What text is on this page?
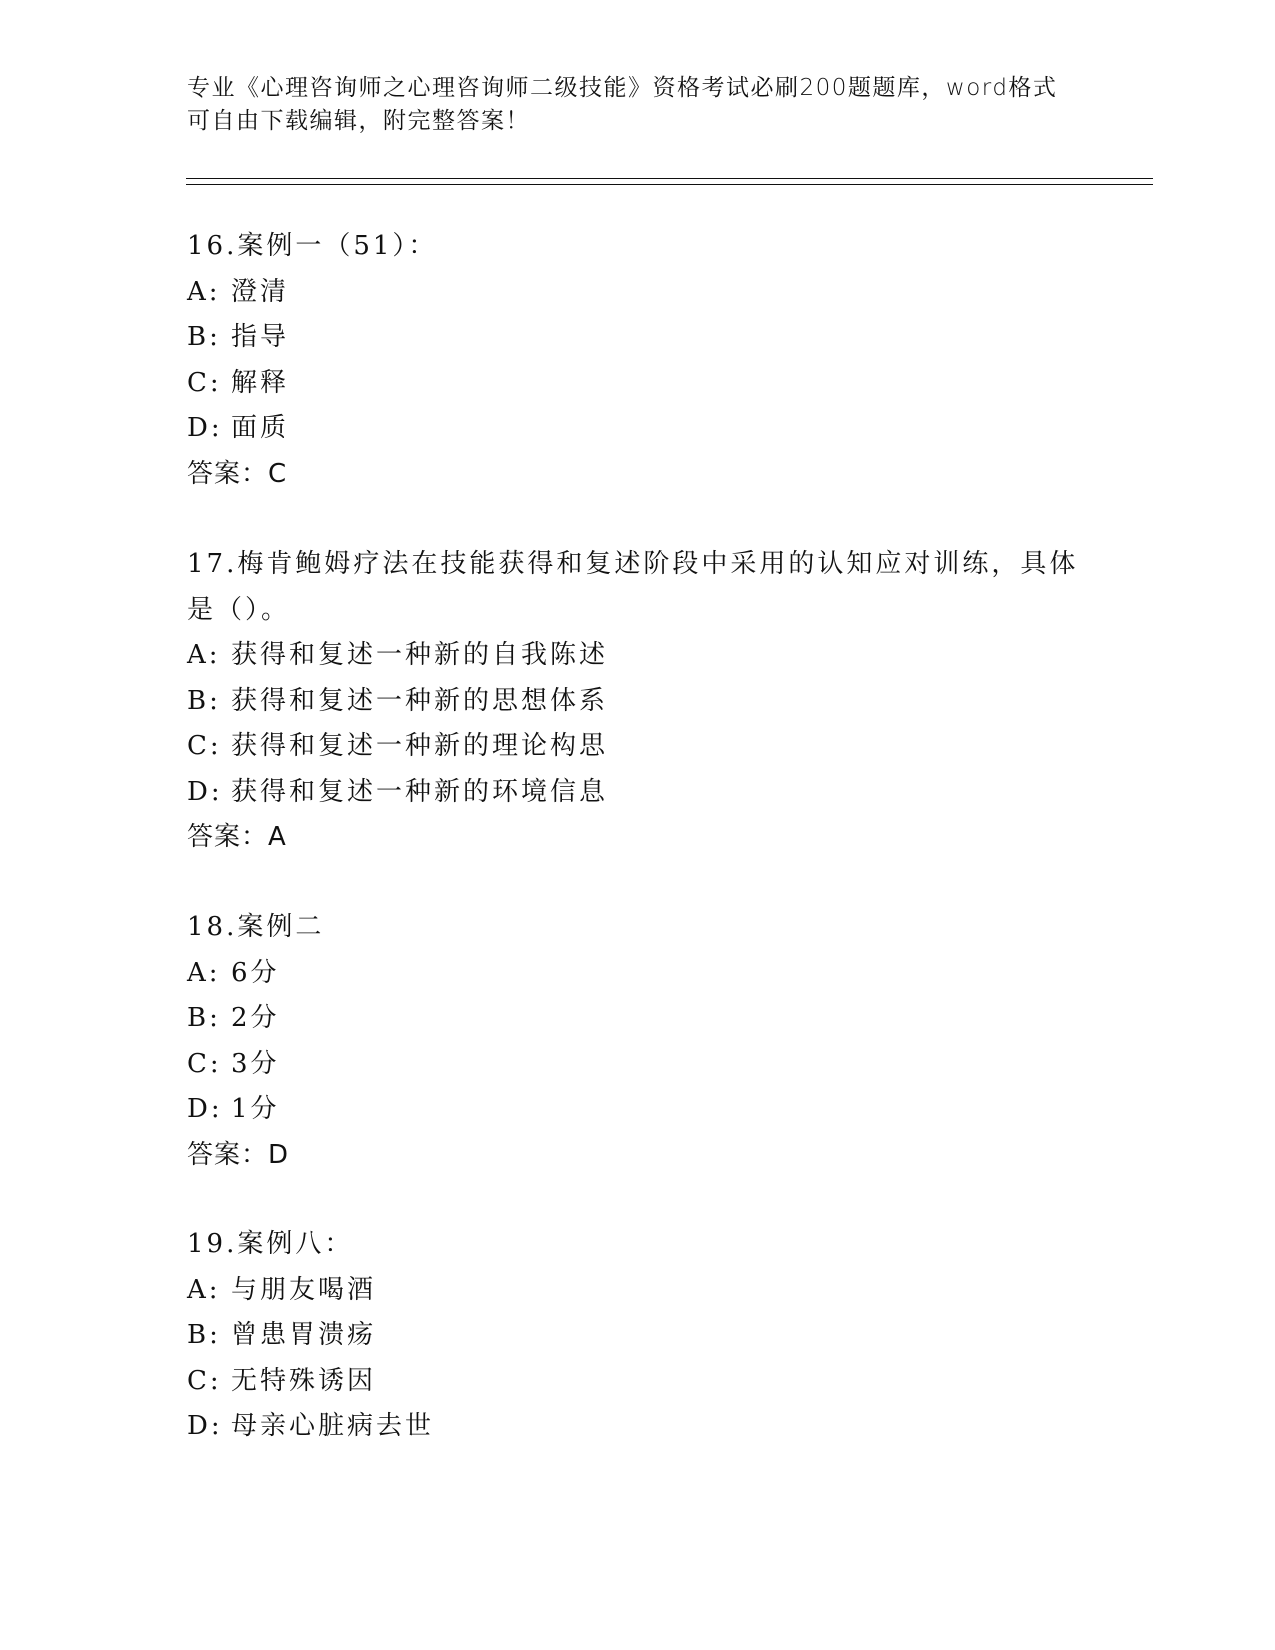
专业《心理咨询师之心理咨询师二级技能》资格考试必刷200题题库，word格式
可自由下载编辑，附完整答案！
16.案例一（51）：
A: 澄清
B: 指导
C: 解释
D: 面质
答案：C
17.梅肯鲍姆疗法在技能获得和复述阶段中采用的认知应对训练，具体
是（）。
A: 获得和复述一种新的自我陈述
B: 获得和复述一种新的思想体系
C: 获得和复述一种新的理论构思
D: 获得和复述一种新的环境信息
答案：A
18.案例二
A: 6分
B: 2分
C: 3分
D: 1分
答案：D
19.案例八：
A: 与朋友喝酒
B: 曾患胃溃疡
C: 无特殊诱因
D: 母亲心脏病去世
